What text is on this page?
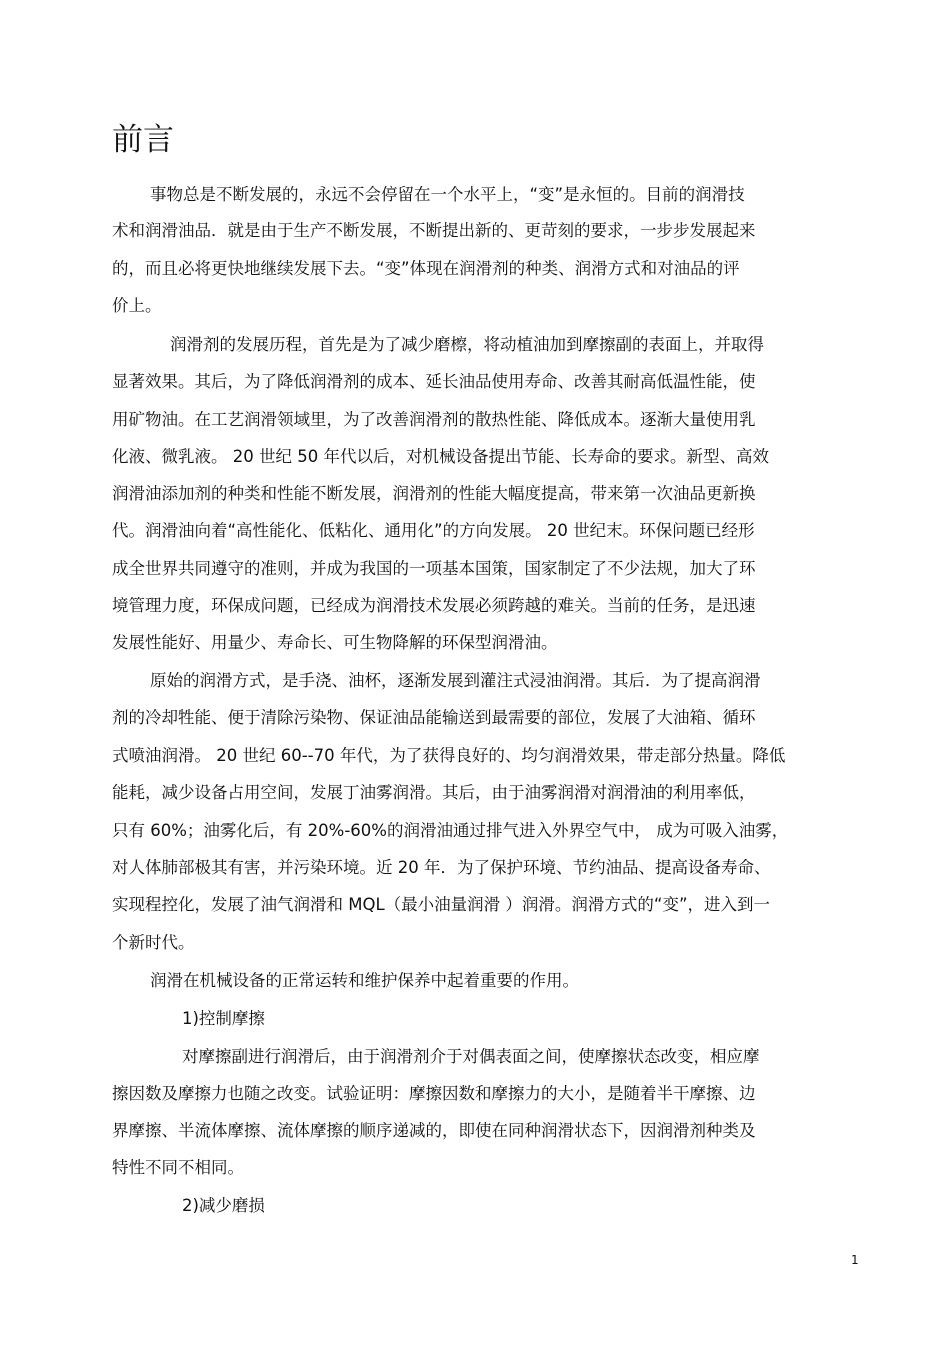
前言

事物总是不断发展的，永远不会停留在一个水平上，“变”是永恒的。目前的润滑技

术和润滑油品．就是由于生产不断发展，不断提出新的、更苛刻的要求，一步步发展起来

的，而且必将更快地继续发展下去。“变”体现在润滑剂的种类、润滑方式和对油品的评

价上。

润滑剂的发展历程，首先是为了减少磨檫，将动植油加到摩擦副的表面上，并取得

显著效果。其后，为了降低润滑剂的成本、延长油品使用寿命、改善其耐高低温性能，使

用矿物油。在工艺润滑领域里，为了改善润滑剂的散热性能、降低成本。逐渐大量使用乳

化液、微乳液。 20 世纪 50 年代以后，对机械设备提出节能、长寿命的要求。新型、高效

润滑油添加剂的种类和性能不断发展，润滑剂的性能大幅度提高，带来第一次油品更新换

代。润滑油向着“高性能化、低粘化、通用化”的方向发展。 20 世纪末。环保问题已经形

成全世界共同遵守的准则，并成为我国的一项基本国策，国家制定了不少法规，加大了环

境管理力度，环保成问题，已经成为润滑技术发展必须跨越的难关。当前的任务，是迅速

发展性能好、用量少、寿命长、可生物降解的环保型润滑油。

原始的润滑方式，是手浇、油杯，逐渐发展到灌注式浸油润滑。其后．为了提高润滑

剂的冷却牲能、便于清除污染物、保证油品能输送到最需要的部位，发展了大油箱、循环

式喷油润滑。 20 世纪 60--70 年代，为了获得良好的、均匀润滑效果，带走部分热量。降低

能耗，减少设备占用空间，发展丁油雾润滑。其后，由于油雾润滑对润滑油的利用率低，

只有 60%；油雾化后，有 20%-60%的润滑油通过排气进入外界空气中， 成为可吸入油雾，

对人体肺部极其有害，并污染环境。近 20 年．为了保护环境、节约油品、提高设备寿命、

实现程控化，发展了油气润滑和 MQL（最小油量润滑 ）润滑。润滑方式的“变”，进入到一

个新时代。

润滑在机械设备的正常运转和维护保养中起着重要的作用。

1)控制摩擦

对摩擦副进行润滑后，由于润滑剂介于对偶表面之间，使摩擦状态改变，相应摩

擦因数及摩擦力也随之改变。试验证明：摩擦因数和摩擦力的大小，是随着半干摩擦、边

界摩擦、半流体摩擦、流体摩擦的顺序递减的，即使在同种润滑状态下，因润滑剂种类及

特性不同不相同。

2)减少磨损

1
